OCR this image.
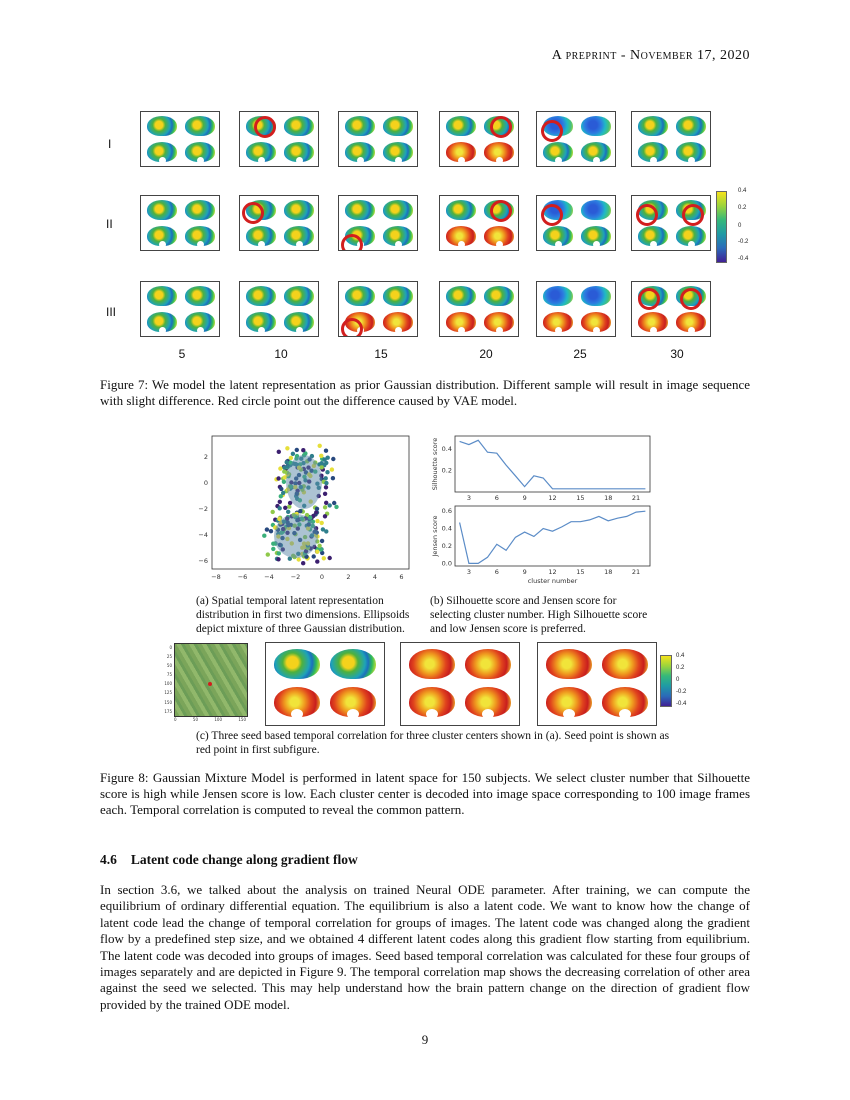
A preprint - November 17, 2020
I
II
III
0.4
0.2
0
-0.2
-0.4
5	10	15	20	25	30
Figure 7: We model the latent representation as prior Gaussian distribution. Different sample will result in image sequence with slight difference. Red circle point out the difference caused by VAE model.
−8	−6	−4	−2	0	2	4	6
2
0
−2
−4
−6
3	6	9	12	15	18	21
0.4
0.2
Silhouette score
3	6	9	12	15	18	21
0.6
0.4
0.2
0.0
Jensen score
cluster number
(a) Spatial temporal latent representation distribution in first two dimensions. Ellipsoids depict mixture of three Gaussian distribution.
(b) Silhouette score and Jensen score for selecting cluster number. High Silhouette score and low Jensen score is preferred.
0
25
50
75
100
125
150
175
0	50	100	150
0.4
0.2
0
-0.2
-0.4
(c) Three seed based temporal correlation for three cluster centers shown in (a). Seed point is shown as red point in first subfigure.
Figure 8: Gaussian Mixture Model is performed in latent space for 150 subjects. We select cluster number that Silhouette score is high while Jensen score is low. Each cluster center is decoded into image space corresponding to 100 image frames each. Temporal correlation is computed to reveal the common pattern.
4.6 Latent code change along gradient flow
In section 3.6, we talked about the analysis on trained Neural ODE parameter. After training, we can compute the equilibrium of ordinary differential equation. The equilibrium is also a latent code. We want to know how the change of latent code lead the change of temporal correlation for groups of images. The latent code was changed along the gradient flow by a predefined step size, and we obtained 4 different latent codes along this gradient flow starting from equilibrium. The latent code was decoded into groups of images. Seed based temporal correlation was calculated for these four groups of images separately and are depicted in Figure 9. The temporal correlation map shows the decreasing correlation of other area against the seed we selected. This may help understand how the brain pattern change on the direction of gradient flow provided by the trained ODE model.
9
